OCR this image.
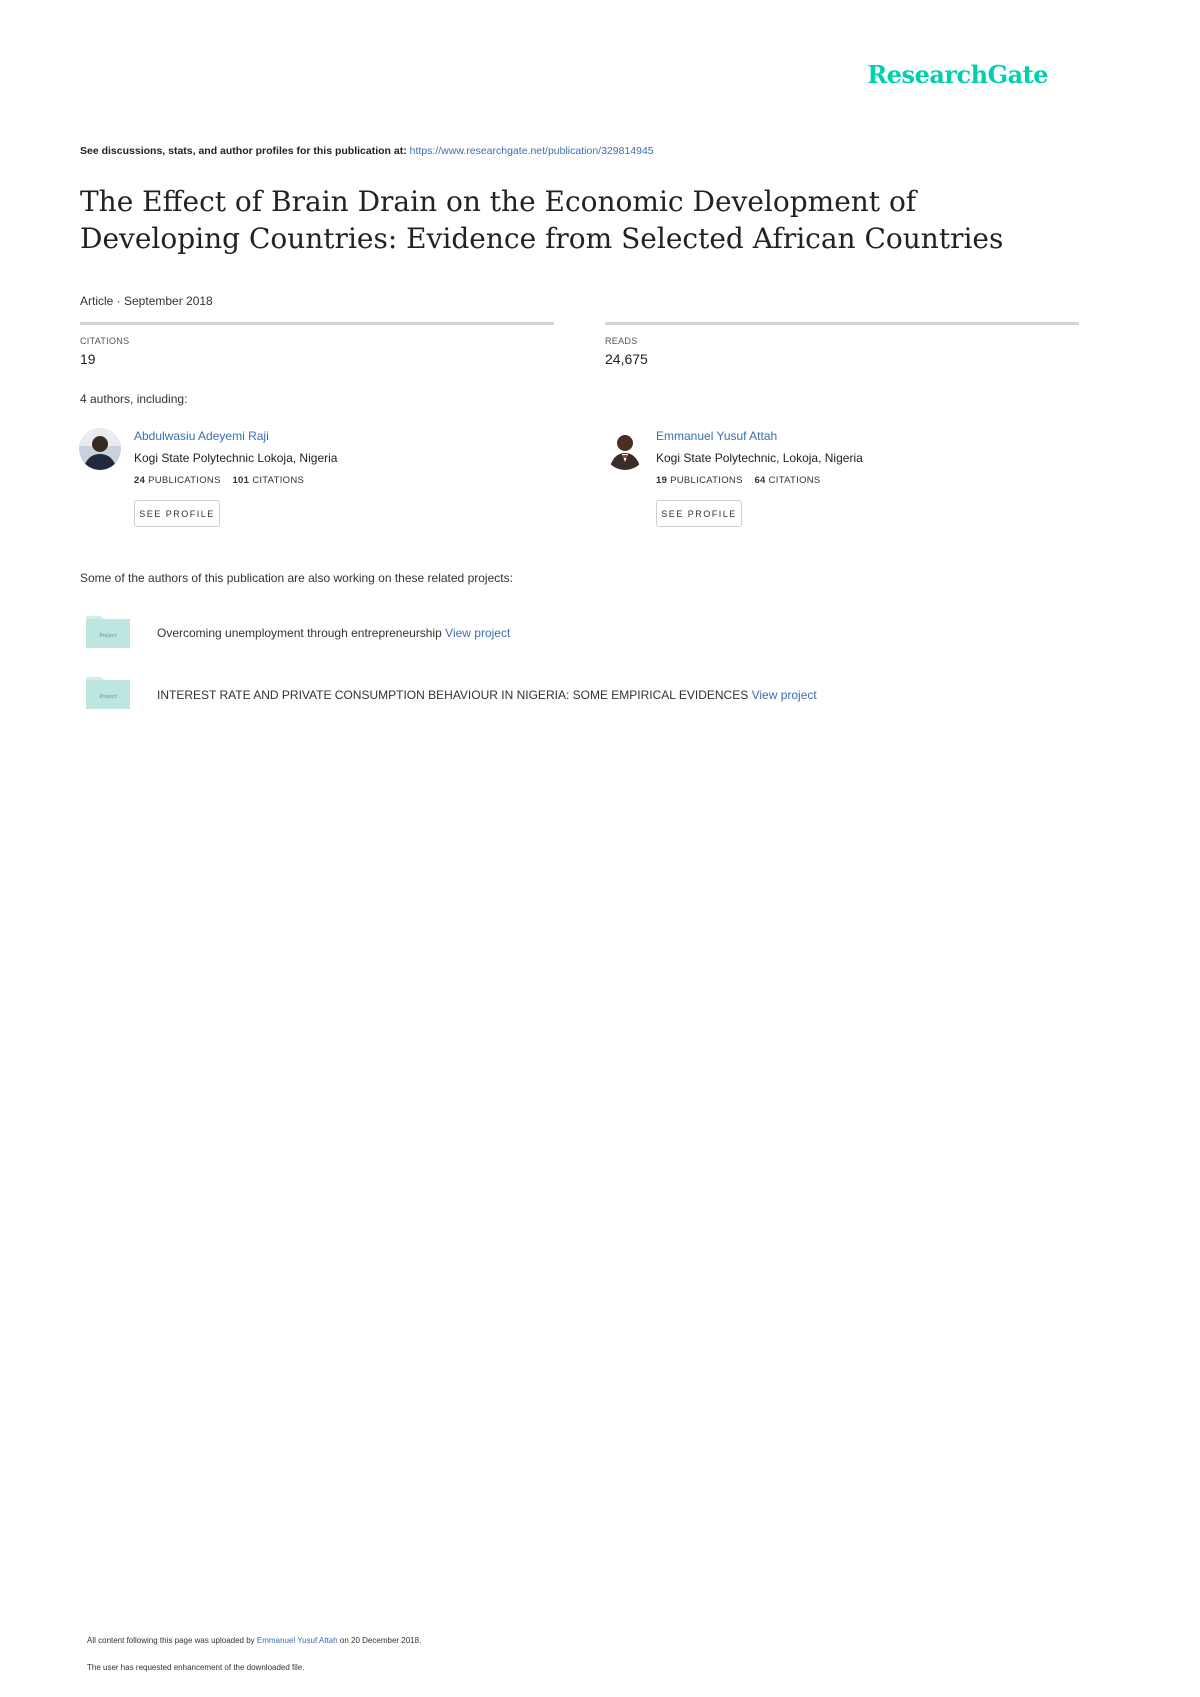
ResearchGate
See discussions, stats, and author profiles for this publication at: https://www.researchgate.net/publication/329814945
The Effect of Brain Drain on the Economic Development of Developing Countries: Evidence from Selected African Countries
Article · September 2018
CITATIONS
19
READS
24,675
4 authors, including:
Abdulwasiu Adeyemi Raji
Kogi State Polytechnic Lokoja, Nigeria
24 PUBLICATIONS 101 CITATIONS
SEE PROFILE
Emmanuel Yusuf Attah
Kogi State Polytechnic, Lokoja, Nigeria
19 PUBLICATIONS 64 CITATIONS
SEE PROFILE
Some of the authors of this publication are also working on these related projects:
Project	Overcoming unemployment through entrepreneurship View project
Project	INTEREST RATE AND PRIVATE CONSUMPTION BEHAVIOUR IN NIGERIA: SOME EMPIRICAL EVIDENCES View project
All content following this page was uploaded by Emmanuel Yusuf Attah on 20 December 2018.
The user has requested enhancement of the downloaded file.
